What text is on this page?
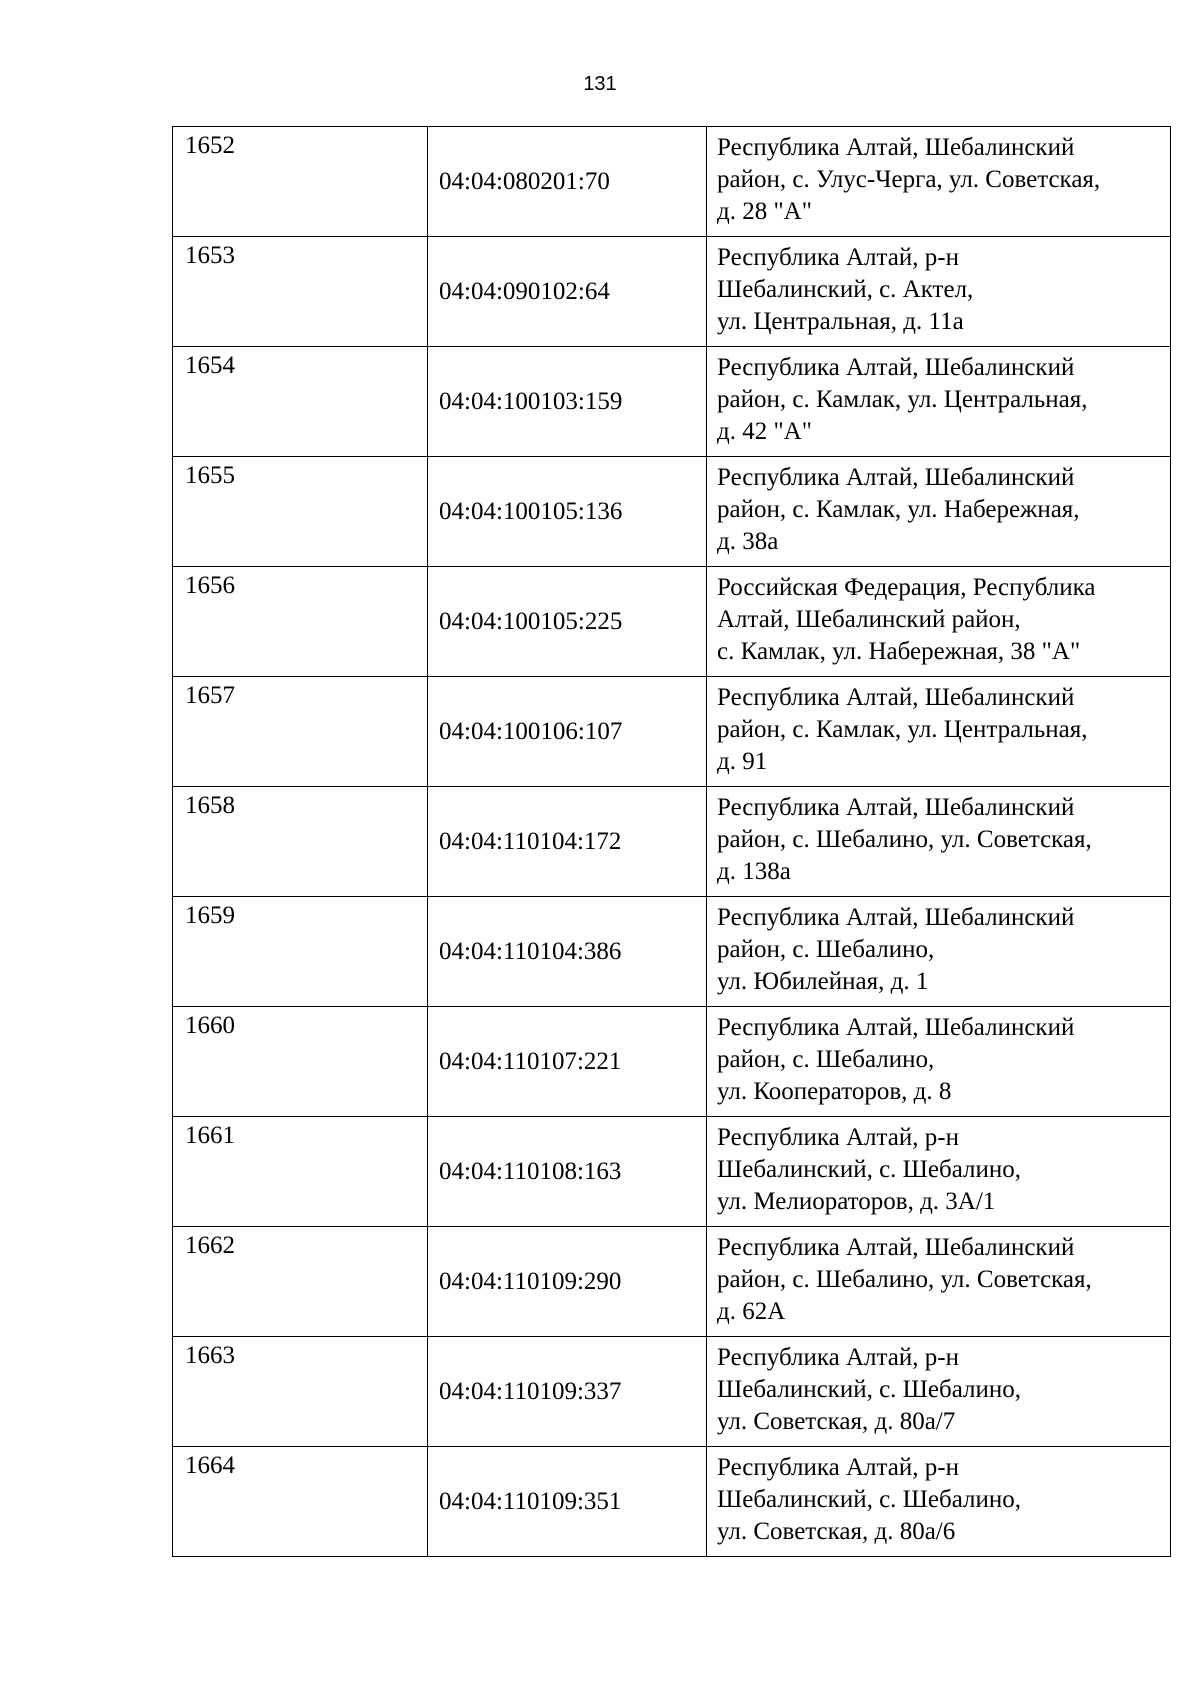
131
1652	04:04:080201:70	Республика Алтай, Шебалинский
район, с. Улус-Черга, ул. Советская,
д. 28 "А"

1653	04:04:090102:64	Республика Алтай, р-н
Шебалинский, с. Актел,
ул. Центральная, д. 11а

1654	04:04:100103:159	Республика Алтай, Шебалинский
район, с. Камлак, ул. Центральная,
д. 42 "А"

1655	04:04:100105:136	Республика Алтай, Шебалинский
район, с. Камлак, ул. Набережная,
д. 38а

1656	04:04:100105:225	Российская Федерация, Республика
Алтай, Шебалинский район,
с. Камлак, ул. Набережная, 38 "А"

1657	04:04:100106:107	Республика Алтай, Шебалинский
район, с. Камлак, ул. Центральная,
д. 91

1658	04:04:110104:172	Республика Алтай, Шебалинский
район, с. Шебалино, ул. Советская,
д. 138а

1659	04:04:110104:386	Республика Алтай, Шебалинский
район, с. Шебалино,
ул. Юбилейная, д. 1

1660	04:04:110107:221	Республика Алтай, Шебалинский
район, с. Шебалино,
ул. Кооператоров, д. 8

1661	04:04:110108:163	Республика Алтай, р-н
Шебалинский, с. Шебалино,
ул. Мелиораторов, д. 3А/1

1662	04:04:110109:290	Республика Алтай, Шебалинский
район, с. Шебалино, ул. Советская,
д. 62А

1663	04:04:110109:337	Республика Алтай, р-н
Шебалинский, с. Шебалино,
ул. Советская, д. 80а/7

1664	04:04:110109:351	Республика Алтай, р-н
Шебалинский, с. Шебалино,
ул. Советская, д. 80а/6
